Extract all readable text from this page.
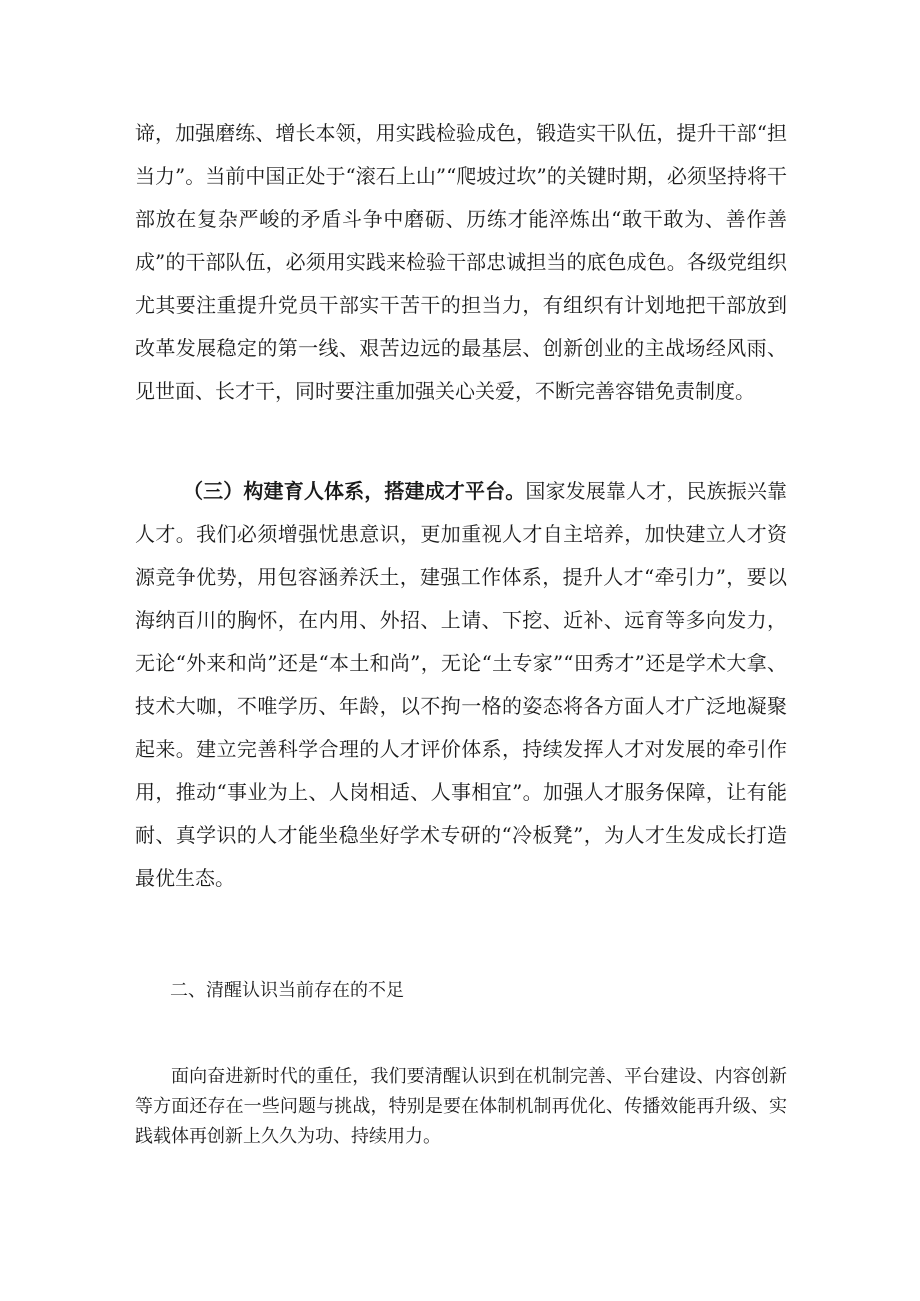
谛，加强磨练、增长本领，用实践检验成色，锻造实干队伍，提升干部“担当力”。当前中国正处于“滚石上山”“爬坡过坎”的关键时期，必须坚持将干部放在复杂严峻的矛盾斗争中磨砺、历练才能淬炼出“敢干敢为、善作善成”的干部队伍，必须用实践来检验干部忠诚担当的底色成色。各级党组织尤其要注重提升党员干部实干苦干的担当力，有组织有计划地把干部放到改革发展稳定的第一线、艰苦边远的最基层、创新创业的主战场经风雨、见世面、长才干，同时要注重加强关心关爱，不断完善容错免责制度。

（三）构建育人体系，搭建成才平台。国家发展靠人才，民族振兴靠人才。我们必须增强忧患意识，更加重视人才自主培养，加快建立人才资源竞争优势，用包容涵养沃土，建强工作体系，提升人才“牵引力”，要以海纳百川的胸怀，在内用、外招、上请、下挖、近补、远育等多向发力，无论“外来和尚”还是“本土和尚”，无论“土专家”“田秀才”还是学术大拿、技术大咖，不唯学历、年龄，以不拘一格的姿态将各方面人才广泛地凝聚起来。建立完善科学合理的人才评价体系，持续发挥人才对发展的牵引作用，推动“事业为上、人岗相适、人事相宜”。加强人才服务保障，让有能耐、真学识的人才能坐稳坐好学术专研的“冷板凳”，为人才生发成长打造最优生态。

二、清醒认识当前存在的不足

面向奋进新时代的重任，我们要清醒认识到在机制完善、平台建设、内容创新等方面还存在一些问题与挑战，特别是要在体制机制再优化、传播效能再升级、实践载体再创新上久久为功、持续用力。
